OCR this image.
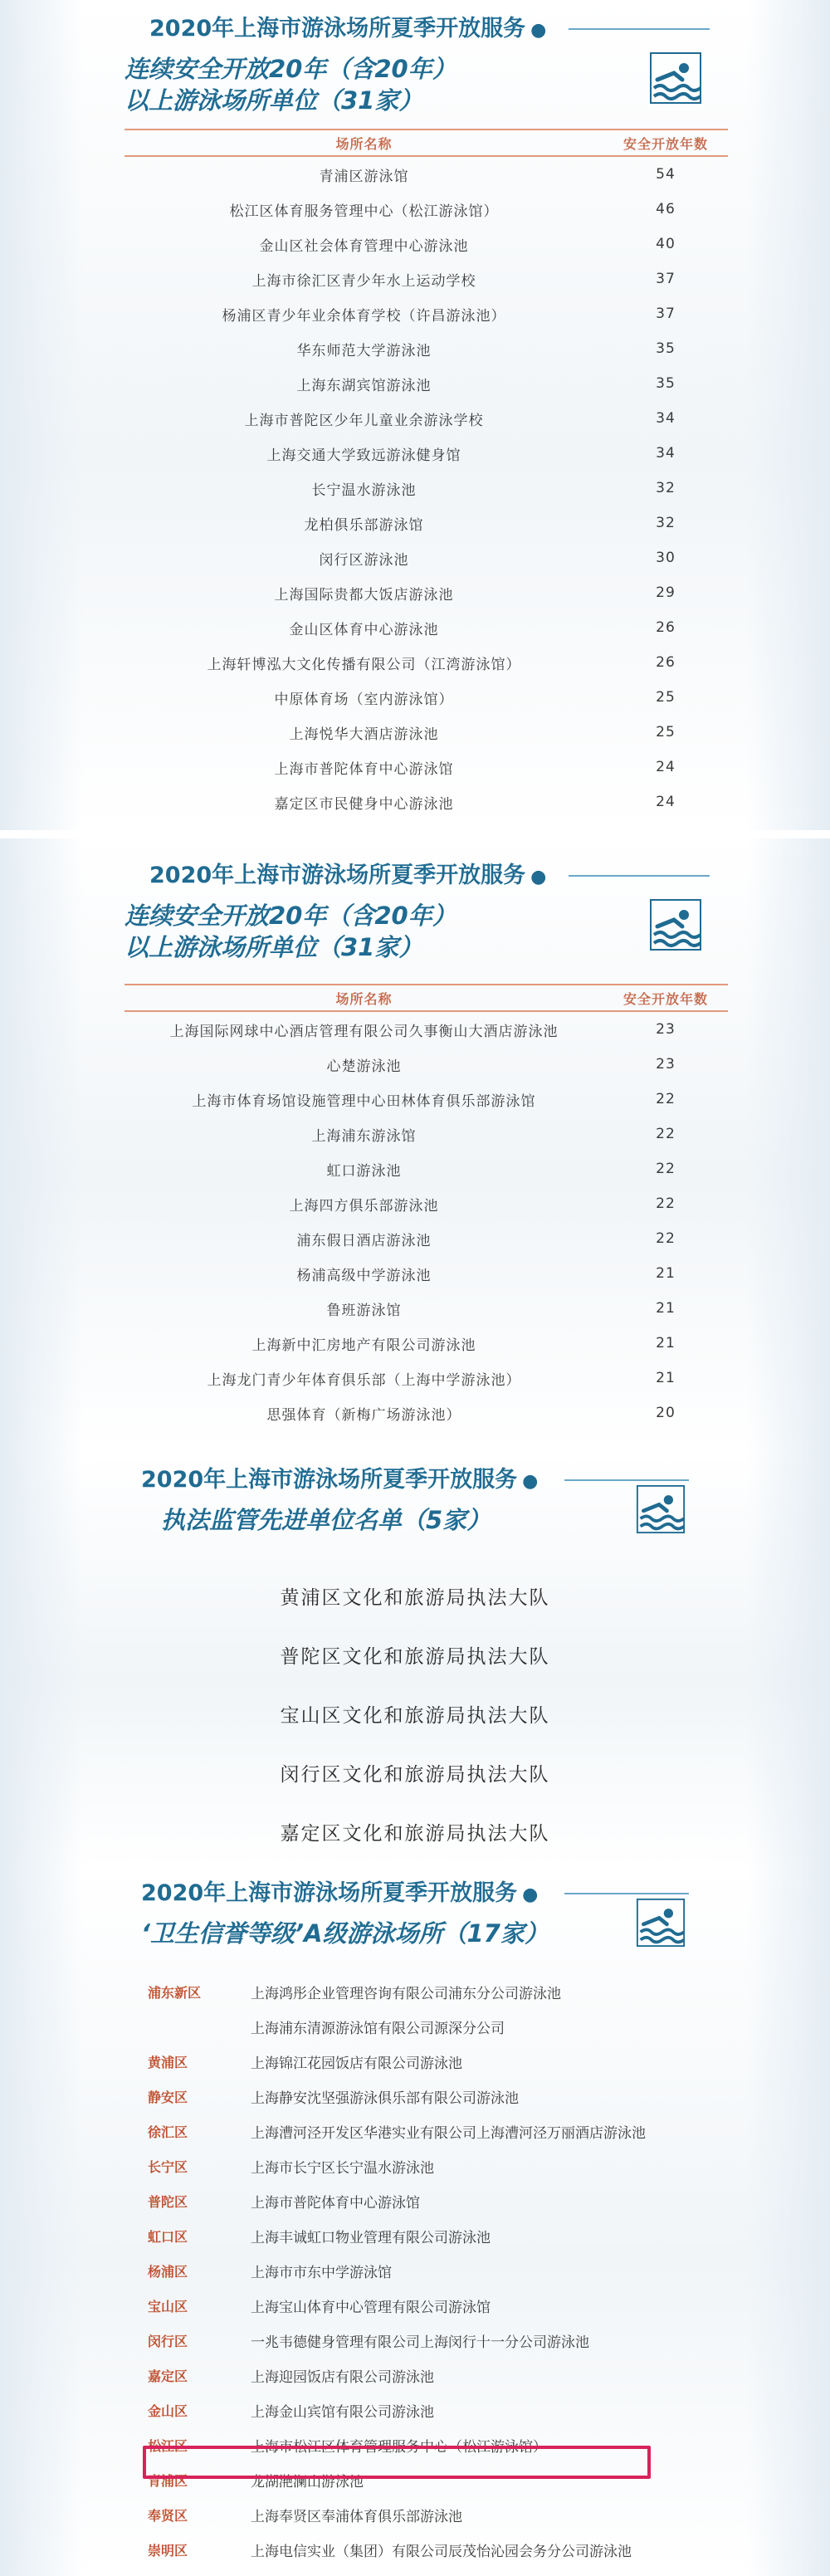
2020年上海市游泳场所夏季开放服务 ●
连续安全开放20年（含20年）
以上游泳场所单位（31家）
场所名称	安全开放年数
青浦区游泳馆	54
松江区体育服务管理中心（松江游泳馆）	46
金山区社会体育管理中心游泳池	40
上海市徐汇区青少年水上运动学校	37
杨浦区青少年业余体育学校（许昌游泳池）	37
华东师范大学游泳池	35
上海东湖宾馆游泳池	35
上海市普陀区少年儿童业余游泳学校	34
上海交通大学致远游泳健身馆	34
长宁温水游泳池	32
龙柏俱乐部游泳馆	32
闵行区游泳池	30
上海国际贵都大饭店游泳池	29
金山区体育中心游泳池	26
上海轩博泓大文化传播有限公司（江湾游泳馆）	26
中原体育场（室内游泳馆）	25
上海悦华大酒店游泳池	25
上海市普陀体育中心游泳馆	24
嘉定区市民健身中心游泳池	24
2020年上海市游泳场所夏季开放服务 ●
连续安全开放20年（含20年）
以上游泳场所单位（31家）
场所名称	安全开放年数
上海国际网球中心酒店管理有限公司久事衡山大酒店游泳池	23
心楚游泳池	23
上海市体育场馆设施管理中心田林体育俱乐部游泳馆	22
上海浦东游泳馆	22
虹口游泳池	22
上海四方俱乐部游泳池	22
浦东假日酒店游泳池	22
杨浦高级中学游泳池	21
鲁班游泳馆	21
上海新中汇房地产有限公司游泳池	21
上海龙门青少年体育俱乐部（上海中学游泳池）	21
思强体育（新梅广场游泳池）	20
2020年上海市游泳场所夏季开放服务 ●
执法监管先进单位名单（5家）
黄浦区文化和旅游局执法大队
普陀区文化和旅游局执法大队
宝山区文化和旅游局执法大队
闵行区文化和旅游局执法大队
嘉定区文化和旅游局执法大队
2020年上海市游泳场所夏季开放服务 ●
‘卫生信誉等级’A级游泳场所（17家）
浦东新区	上海鸿彤企业管理咨询有限公司浦东分公司游泳池
上海浦东清源游泳馆有限公司源深分公司
黄浦区	上海锦江花园饭店有限公司游泳池
静安区	上海静安沈坚强游泳俱乐部有限公司游泳池
徐汇区	上海漕河泾开发区华港实业有限公司上海漕河泾万丽酒店游泳池
长宁区	上海市长宁区长宁温水游泳池
普陀区	上海市普陀体育中心游泳馆
虹口区	上海丰诚虹口物业管理有限公司游泳池
杨浦区	上海市市东中学游泳馆
宝山区	上海宝山体育中心管理有限公司游泳馆
闵行区	一兆韦德健身管理有限公司上海闵行十一分公司游泳池
嘉定区	上海迎园饭店有限公司游泳池
金山区	上海金山宾馆有限公司游泳池
松江区	上海市松江区体育管理服务中心（松江游泳馆）
青浦区	龙湖滟澜山游泳池
奉贤区	上海奉贤区奉浦体育俱乐部游泳池
崇明区	上海电信实业（集团）有限公司辰茂怡沁园会务分公司游泳池
